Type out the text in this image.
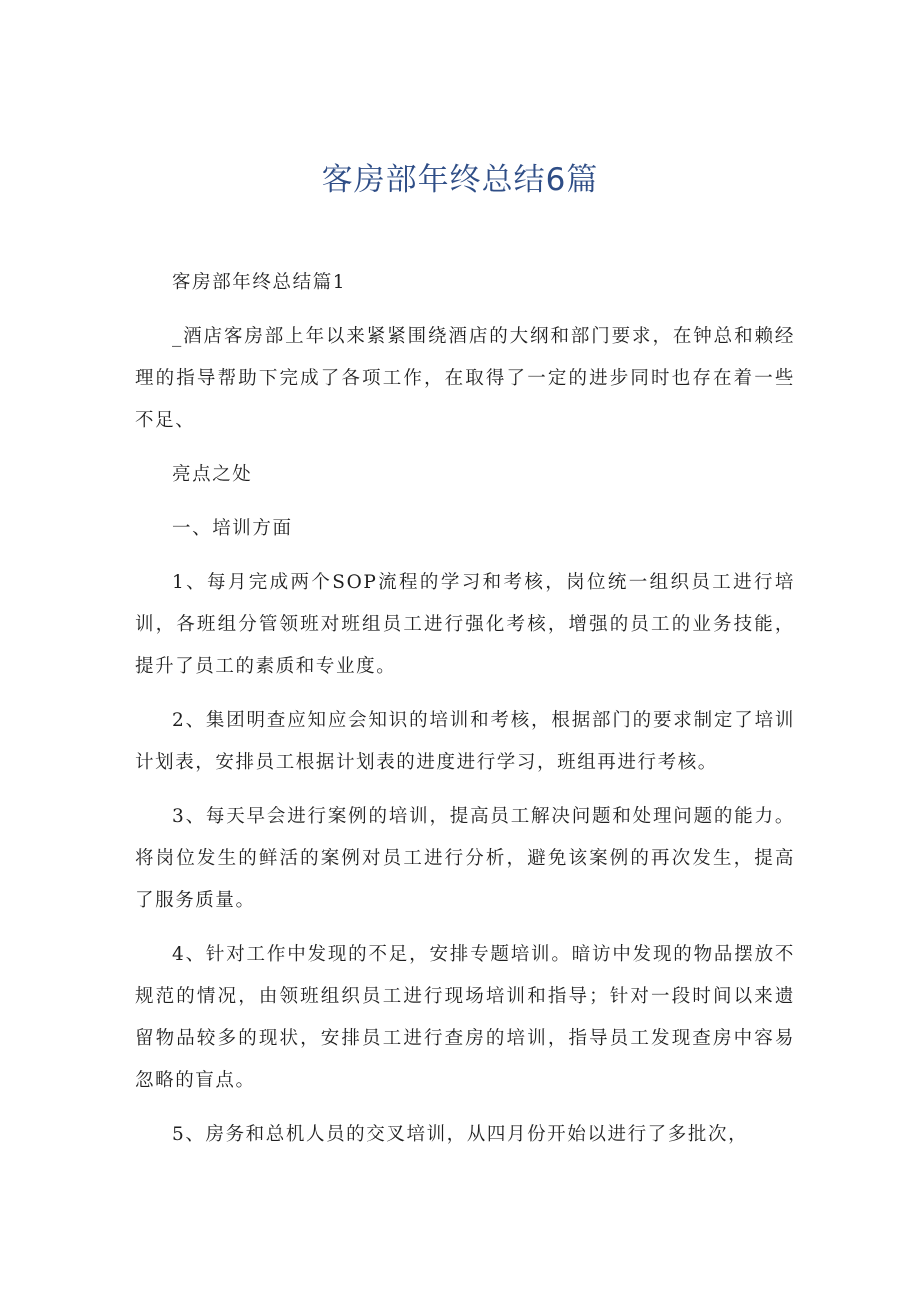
客房部年终总结6篇

客房部年终总结篇1

_酒店客房部上年以来紧紧围绕酒店的大纲和部门要求，在钟总和赖经理的指导帮助下完成了各项工作，在取得了一定的进步同时也存在着一些不足、

亮点之处

一、培训方面

1、每月完成两个SOP流程的学习和考核，岗位统一组织员工进行培训，各班组分管领班对班组员工进行强化考核，增强的员工的业务技能，提升了员工的素质和专业度。

2、集团明查应知应会知识的培训和考核，根据部门的要求制定了培训计划表，安排员工根据计划表的进度进行学习，班组再进行考核。

3、每天早会进行案例的培训，提高员工解决问题和处理问题的能力。将岗位发生的鲜活的案例对员工进行分析，避免该案例的再次发生，提高了服务质量。

4、针对工作中发现的不足，安排专题培训。暗访中发现的物品摆放不规范的情况，由领班组织员工进行现场培训和指导；针对一段时间以来遗留物品较多的现状，安排员工进行查房的培训，指导员工发现查房中容易忽略的盲点。

5、房务和总机人员的交叉培训，从四月份开始以进行了多批次，
